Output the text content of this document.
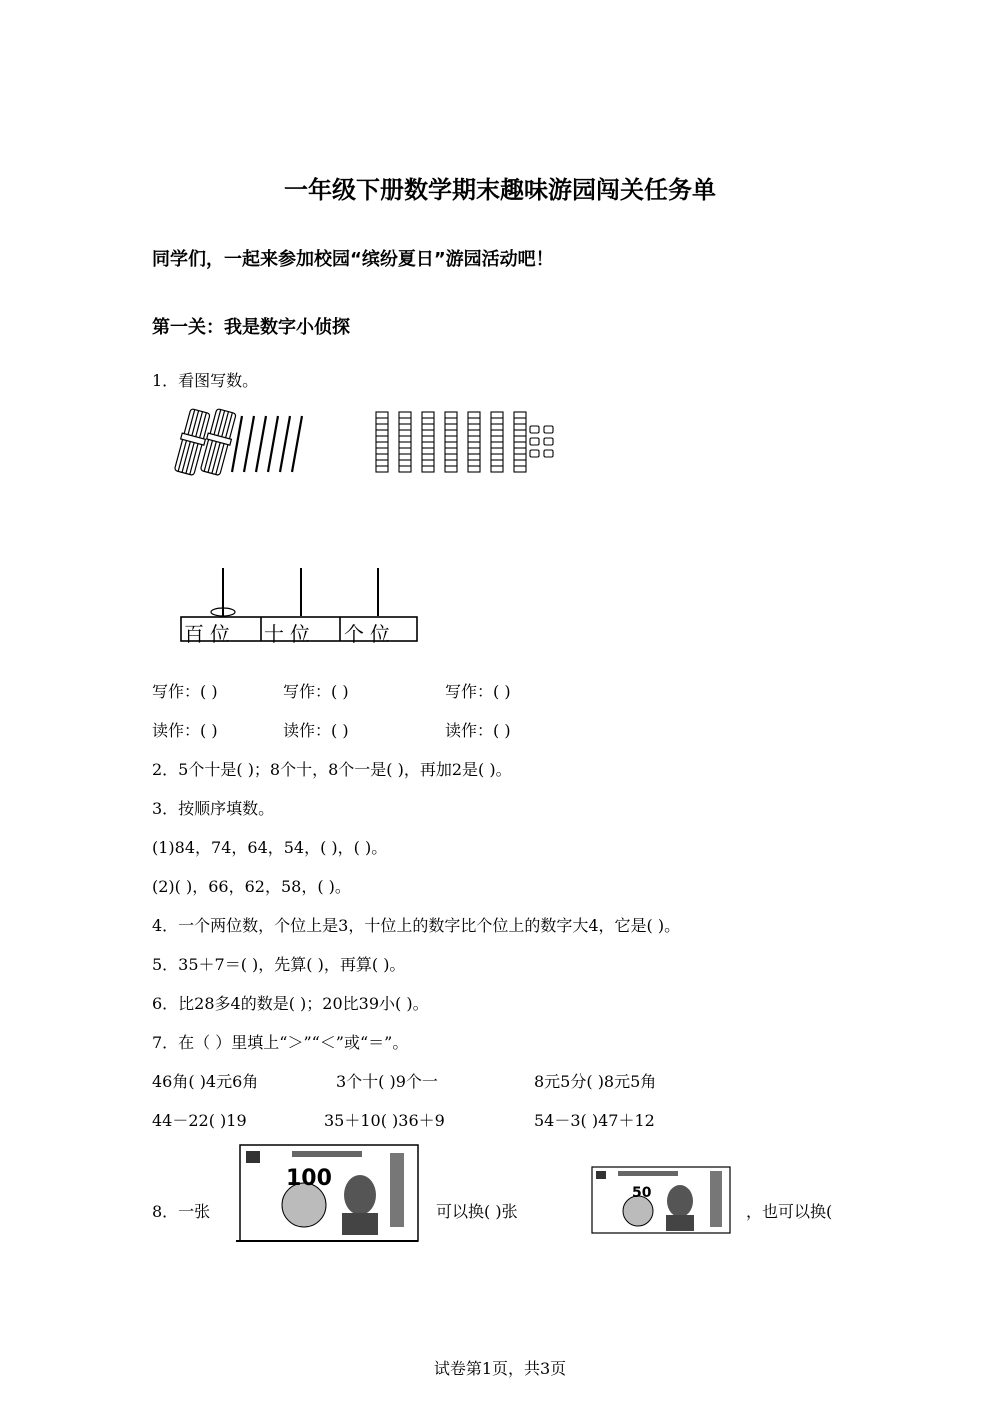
一年级下册数学期末趣味游园闯关任务单
同学们，一起来参加校园“缤纷夏日”游园活动吧！
第一关：我是数字小侦探
1．看图写数。
百位 十位 个位
写作：( )	写作：( )	写作：( )
读作：( )	读作：( )	读作：( )
2．5个十是( )；8个十，8个一是( )，再加2是( )。
3．按顺序填数。
(1)84，74，64，54，( )，( )。
(2)( )，66，62，58，( )。
4．一个两位数，个位上是3，十位上的数字比个位上的数字大4，它是( )。
5．35＋7＝( )，先算( )，再算( )。
6．比28多4的数是( )；20比39小( )。
7．在（ ）里填上“＞”“＜”或“＝”。
46角( )4元6角	3个十( )9个一	8元5分( )8元5角
44－22( )19	35＋10( )36＋9	54－3( )47＋12
8．一张
100
可以换( )张
50
，也可以换(
试卷第1页，共3页
